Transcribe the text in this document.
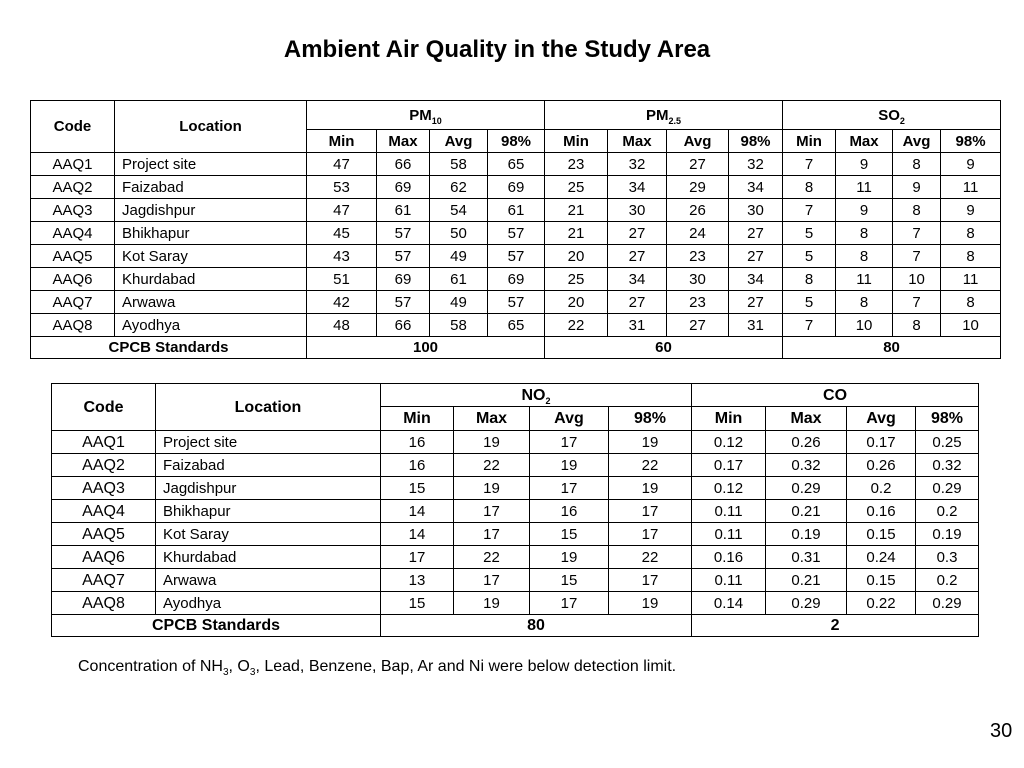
Ambient Air Quality in the Study Area
Code	Location	$PM_{10}$				$PM_{2.5}$				$SO_2$
		Min	Max	Avg	98%	Min	Max	Avg	98%	Min	Max	Avg	98%
AAQ1	Project site	47	66	58	65	23	32	27	32	7	9	8	9
AAQ2	Faizabad	53	69	62	69	25	34	29	34	8	11	9	11
AAQ3	Jagdishpur	47	61	54	61	21	30	26	30	7	9	8	9
AAQ4	Bhikhapur	45	57	50	57	21	27	24	27	5	8	7	8
AAQ5	Kot Saray	43	57	49	57	20	27	23	27	5	8	7	8
AAQ6	Khurdabad	51	69	61	69	25	34	30	34	8	11	10	11
AAQ7	Arwawa	42	57	49	57	20	27	23	27	5	8	7	8
AAQ8	Ayodhya	48	66	58	65	22	31	27	31	7	10	8	10
CPCB Standards		100				60				80			
Code	Location	$NO_2$				CO			
		Min	Max	Avg	98%	Min	Max	Avg	98%
AAQ1	Project site	16	19	17	19	0.12	0.26	0.17	0.25
AAQ2	Faizabad	16	22	19	22	0.17	0.32	0.26	0.32
AAQ3	Jagdishpur	15	19	17	19	0.12	0.29	0.2	0.29
AAQ4	Bhikhapur	14	17	16	17	0.11	0.21	0.16	0.2
AAQ5	Kot Saray	14	17	15	17	0.11	0.19	0.15	0.19
AAQ6	Khurdabad	17	22	19	22	0.16	0.31	0.24	0.3
AAQ7	Arwawa	13	17	15	17	0.11	0.21	0.15	0.2
AAQ8	Ayodhya	15	19	17	19	0.14	0.29	0.22	0.29
CPCB Standards		80				2			
Concentration of $NH_3$, $O_3$, Lead, Benzene, Bap, Ar and Ni were below detection limit.
30
